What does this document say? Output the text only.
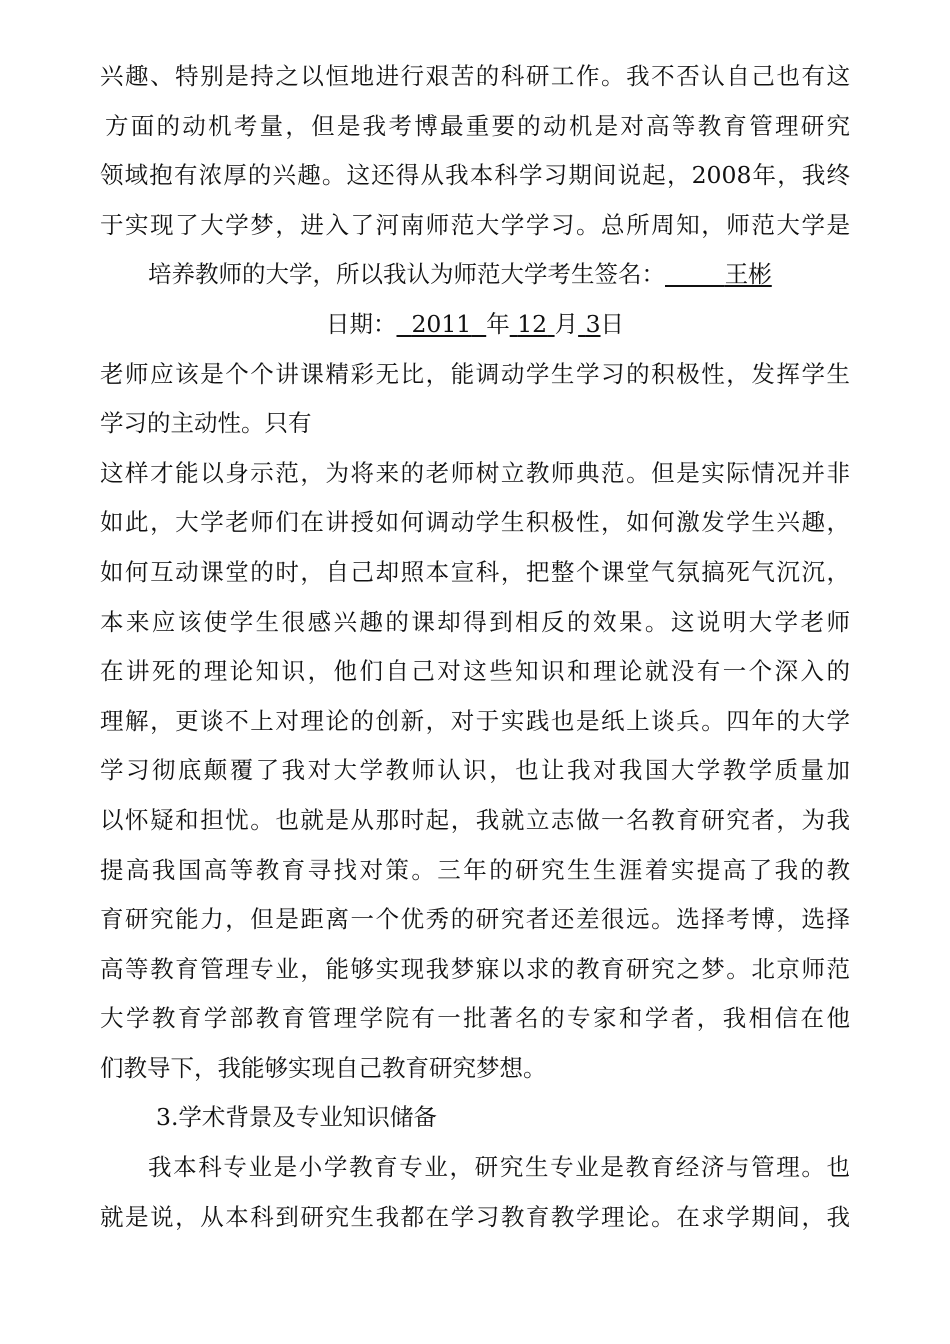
兴趣、特别是持之以恒地进行艰苦的科研工作。我不否认自己也有这
方面的动机考量，但是我考博最重要的动机是对高等教育管理研究
领域抱有浓厚的兴趣。这还得从我本科学习期间说起，2008年，我终
于实现了大学梦，进入了河南师范大学学习。总所周知，师范大学是
培养教师的大学，所以我认为师范大学考生签名：	王彬
日期： 2011 年 12 月 3日
老师应该是个个讲课精彩无比，能调动学生学习的积极性，发挥学生
学习的主动性。只有
这样才能以身示范，为将来的老师树立教师典范。但是实际情况并非
如此，大学老师们在讲授如何调动学生积极性，如何激发学生兴趣，
如何互动课堂的时，自己却照本宣科，把整个课堂气氛搞死气沉沉，
本来应该使学生很感兴趣的课却得到相反的效果。这说明大学老师
在讲死的理论知识，他们自己对这些知识和理论就没有一个深入的
理解，更谈不上对理论的创新，对于实践也是纸上谈兵。四年的大学
学习彻底颠覆了我对大学教师认识，也让我对我国大学教学质量加
以怀疑和担忧。也就是从那时起，我就立志做一名教育研究者，为我
提高我国高等教育寻找对策。三年的研究生生涯着实提高了我的教
育研究能力，但是距离一个优秀的研究者还差很远。选择考博，选择
高等教育管理专业，能够实现我梦寐以求的教育研究之梦。北京师范
大学教育学部教育管理学院有一批著名的专家和学者，我相信在他
们教导下，我能够实现自己教育研究梦想。
3.学术背景及专业知识储备
我本科专业是小学教育专业，研究生专业是教育经济与管理。也
就是说，从本科到研究生我都在学习教育教学理论。在求学期间，我
